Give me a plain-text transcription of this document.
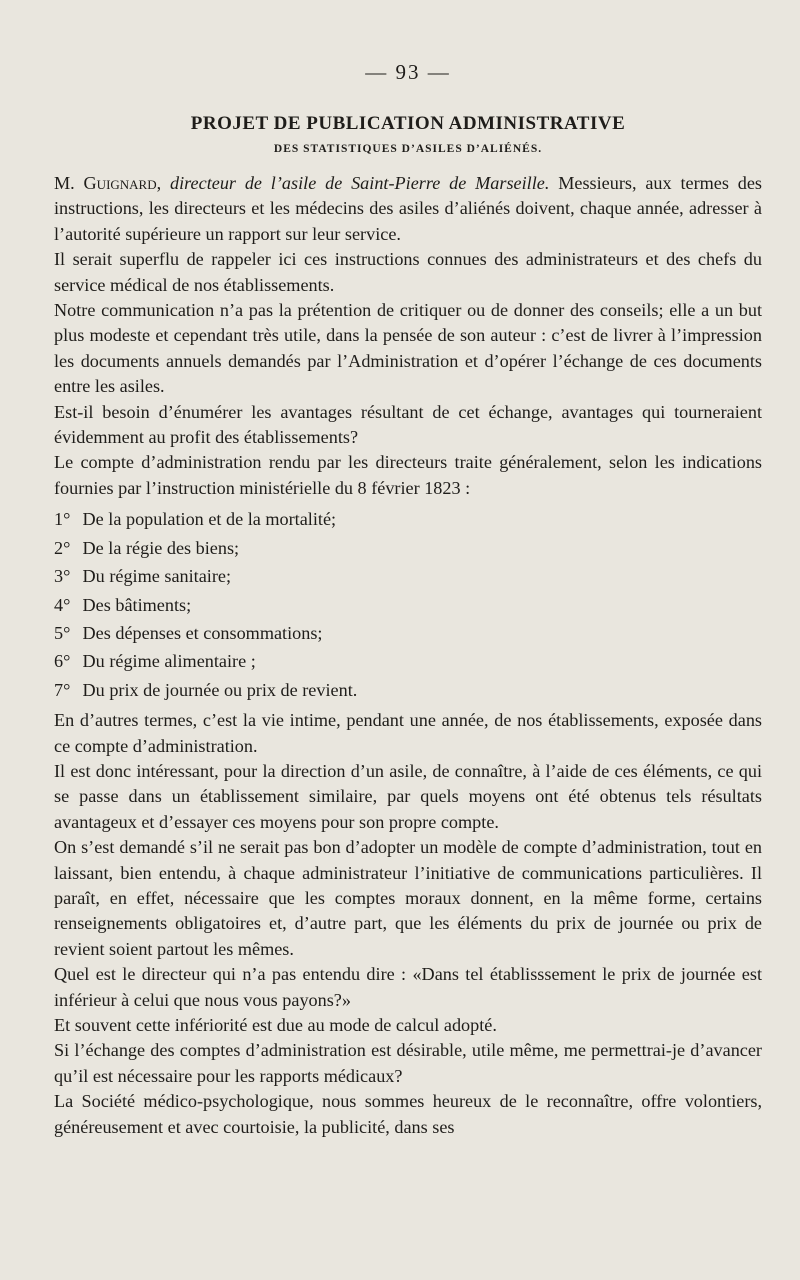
— 93 —
PROJET DE PUBLICATION ADMINISTRATIVE
DES STATISTIQUES D’ASILES D’ALIÉNÉS.

M. Guignard, directeur de l’asile de Saint-Pierre de Marseille. Messieurs, aux termes des instructions, les directeurs et les médecins des asiles d’aliénés doivent, chaque année, adresser à l’autorité supérieure un rapport sur leur service.

Il serait superflu de rappeler ici ces instructions connues des administrateurs et des chefs du service médical de nos établissements.

Notre communication n’a pas la prétention de critiquer ou de donner des conseils; elle a un but plus modeste et cependant très utile, dans la pensée de son auteur : c’est de livrer à l’impression les documents annuels demandés par l’Administration et d’opérer l’échange de ces documents entre les asiles.

Est-il besoin d’énumérer les avantages résultant de cet échange, avantages qui tourneraient évidemment au profit des établissements?

Le compte d’administration rendu par les directeurs traite généralement, selon les indications fournies par l’instruction ministérielle du 8 février 1823 :

1° De la population et de la mortalité;
2° De la régie des biens;
3° Du régime sanitaire;
4° Des bâtiments;
5° Des dépenses et consommations;
6° Du régime alimentaire ;
7° Du prix de journée ou prix de revient.

En d’autres termes, c’est la vie intime, pendant une année, de nos établissements, exposée dans ce compte d’administration.

Il est donc intéressant, pour la direction d’un asile, de connaître, à l’aide de ces éléments, ce qui se passe dans un établissement similaire, par quels moyens ont été obtenus tels résultats avantageux et d’essayer ces moyens pour son propre compte.

On s’est demandé s’il ne serait pas bon d’adopter un modèle de compte d’administration, tout en laissant, bien entendu, à chaque administrateur l’initiative de communications particulières. Il paraît, en effet, nécessaire que les comptes moraux donnent, en la même forme, certains renseignements obligatoires et, d’autre part, que les éléments du prix de journée ou prix de revient soient partout les mêmes.

Quel est le directeur qui n’a pas entendu dire : «Dans tel établisssement le prix de journée est inférieur à celui que nous vous payons?»

Et souvent cette infériorité est due au mode de calcul adopté.

Si l’échange des comptes d’administration est désirable, utile même, me permettrai-je d’avancer qu’il est nécessaire pour les rapports médicaux?

La Société médico-psychologique, nous sommes heureux de le reconnaître, offre volontiers, généreusement et avec courtoisie, la publicité, dans ses
